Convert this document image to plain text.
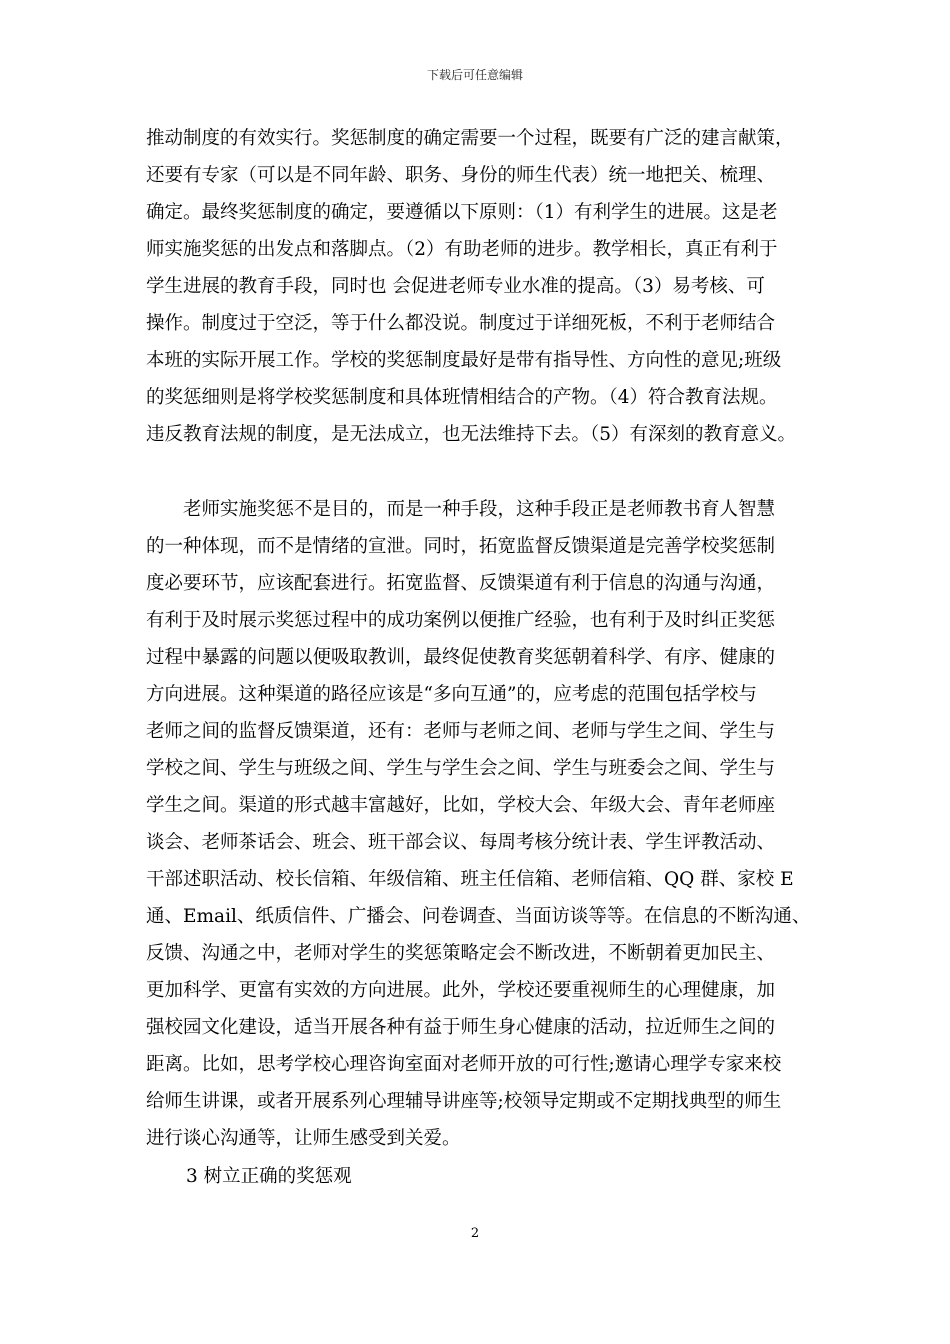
下载后可任意编辑
推动制度的有效实行。奖惩制度的确定需要一个过程，既要有广泛的建言献策，
还要有专家（可以是不同年龄、职务、身份的师生代表）统一地把关、梳理、
确定。最终奖惩制度的确定，要遵循以下原则：（1）有利学生的进展。这是老
师实施奖惩的出发点和落脚点。（2）有助老师的进步。教学相长，真正有利于
学生进展的教育手段，同时也 会促进老师专业水准的提高。（3）易考核、可
操作。制度过于空泛，等于什么都没说。制度过于详细死板，不利于老师结合
本班的实际开展工作。学校的奖惩制度最好是带有指导性、方向性的意见;班级
的奖惩细则是将学校奖惩制度和具体班情相结合的产物。（4）符合教育法规。
违反教育法规的制度，是无法成立，也无法维持下去。（5）有深刻的教育意义。
　　老师实施奖惩不是目的，而是一种手段，这种手段正是老师教书育人智慧
的一种体现，而不是情绪的宣泄。同时，拓宽监督反馈渠道是完善学校奖惩制
度必要环节，应该配套进行。拓宽监督、反馈渠道有利于信息的沟通与沟通，
有利于及时展示奖惩过程中的成功案例以便推广经验，也有利于及时纠正奖惩
过程中暴露的问题以便吸取教训，最终促使教育奖惩朝着科学、有序、健康的
方向进展。这种渠道的路径应该是“多向互通”的，应考虑的范围包括学校与
老师之间的监督反馈渠道，还有：老师与老师之间、老师与学生之间、学生与
学校之间、学生与班级之间、学生与学生会之间、学生与班委会之间、学生与
学生之间。渠道的形式越丰富越好，比如，学校大会、年级大会、青年老师座
谈会、老师茶话会、班会、班干部会议、每周考核分统计表、学生评教活动、
干部述职活动、校长信箱、年级信箱、班主任信箱、老师信箱、QQ 群、家校 E
通、Email、纸质信件、广播会、问卷调查、当面访谈等等。在信息的不断沟通、
反馈、沟通之中，老师对学生的奖惩策略定会不断改进，不断朝着更加民主、
更加科学、更富有实效的方向进展。此外，学校还要重视师生的心理健康，加
强校园文化建设，适当开展各种有益于师生身心健康的活动，拉近师生之间的
距离。比如，思考学校心理咨询室面对老师开放的可行性;邀请心理学专家来校
给师生讲课，或者开展系列心理辅导讲座等;校领导定期或不定期找典型的师生
进行谈心沟通等，让师生感受到关爱。
3 树立正确的奖惩观
2
